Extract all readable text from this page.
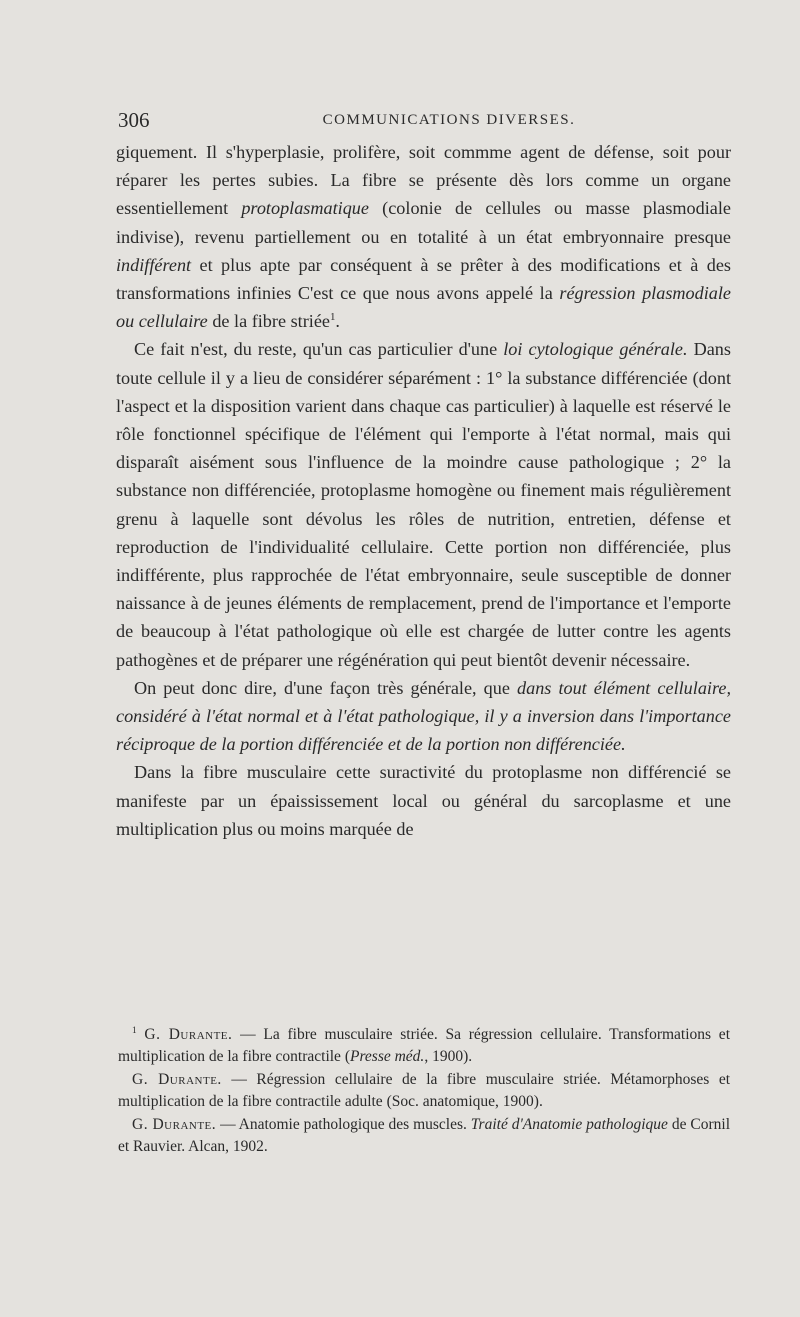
306	COMMUNICATIONS DIVERSES.

giquement. Il s'hyperplasie, prolifère, soit commme agent de défense, soit pour réparer les pertes subies. La fibre se présente dès lors comme un organe essentiellement protoplasmatique (colonie de cellules ou masse plasmodiale indivise), revenu partiellement ou en totalité à un état embryonnaire presque indifférent et plus apte par conséquent à se prêter à des modifications et à des transformations infinies C'est ce que nous avons appelé la régression plasmodiale ou cellulaire de la fibre striée$^1$.

Ce fait n'est, du reste, qu'un cas particulier d'une loi cytologique générale. Dans toute cellule il y a lieu de considérer séparément : 1° la substance différenciée (dont l'aspect et la disposition varient dans chaque cas particulier) à laquelle est réservé le rôle fonctionnel spécifique de l'élément qui l'emporte à l'état normal, mais qui disparaît aisément sous l'influence de la moindre cause pathologique ; 2° la substance non différenciée, protoplasme homogène ou finement mais régulièrement grenu à laquelle sont dévolus les rôles de nutrition, entretien, défense et reproduction de l'individualité cellulaire. Cette portion non différenciée, plus indifférente, plus rapprochée de l'état embryonnaire, seule susceptible de donner naissance à de jeunes éléments de remplacement, prend de l'importance et l'emporte de beaucoup à l'état pathologique où elle est chargée de lutter contre les agents pathogènes et de préparer une régénération qui peut bientôt devenir nécessaire.

On peut donc dire, d'une façon très générale, que dans tout élément cellulaire, considéré à l'état normal et à l'état pathologique, il y a inversion dans l'importance réciproque de la portion différenciée et de la portion non différenciée.

Dans la fibre musculaire cette suractivité du protoplasme non différencié se manifeste par un épaississement local ou général du sarcoplasme et une multiplication plus ou moins marquée de

$^1$ G. Durante. — La fibre musculaire striée. Sa régression cellulaire. Transformations et multiplication de la fibre contractile (Presse méd., 1900).

G. Durante. — Régression cellulaire de la fibre musculaire striée. Métamorphoses et multiplication de la fibre contractile adulte (Soc. anatomique, 1900).

G. Durante. — Anatomie pathologique des muscles. Traité d'Anatomie pathologique de Cornil et Rauvier. Alcan, 1902.
